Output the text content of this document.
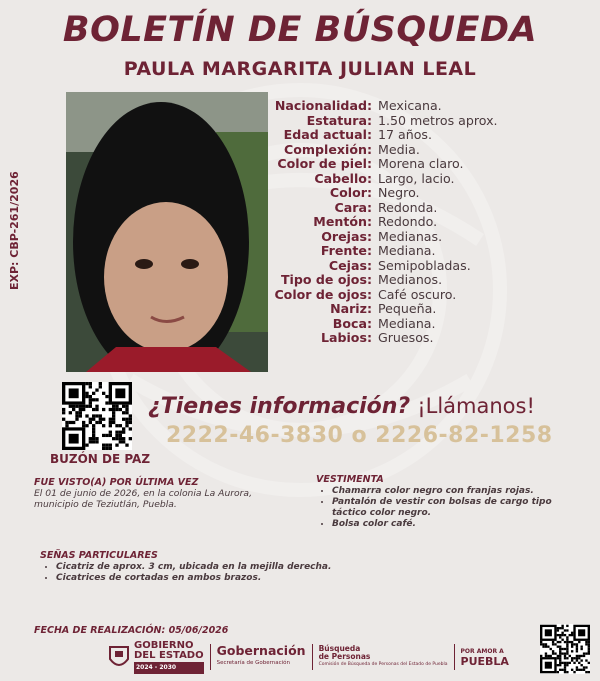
BOLETÍN DE BÚSQUEDA
PAULA MARGARITA JULIAN LEAL
EXP: CBP-261/2026
Nacionalidad: Mexicana.
Estatura: 1.50 metros aprox.
Edad actual: 17 años.
Complexión: Media.
Color de piel: Morena claro.
Cabello: Largo, lacio.
Color: Negro.
Cara: Redonda.
Mentón: Redondo.
Orejas: Medianas.
Frente: Mediana.
Cejas: Semipobladas.
Tipo de ojos: Medianos.
Color de ojos: Café oscuro.
Nariz: Pequeña.
Boca: Mediana.
Labios: Gruesos.
BUZÓN DE PAZ
¿Tienes información? ¡Llámanos!
2222-46-3830 o 2226-82-1258
FUE VISTO(A) POR ÚLTIMA VEZ
El 01 de junio de 2026, en la colonia La Aurora, municipio de Teziutlán, Puebla.
VESTIMENTA
• Chamarra color negro con franjas rojas.
• Pantalón de vestir con bolsas de cargo tipo táctico color negro.
• Bolsa color café.
SEÑAS PARTICULARES
• Cicatriz de aprox. 3 cm, ubicada en la mejilla derecha.
• Cicatrices de cortadas en ambos brazos.
FECHA DE REALIZACIÓN: 05/06/2026
GOBIERNO
DEL ESTADO
2024 - 2030
Gobernación
Secretaría de Gobernación
Búsqueda
de Personas
Comisión de Búsqueda de Personas del Estado de Puebla
POR AMOR A
PUEBLA
